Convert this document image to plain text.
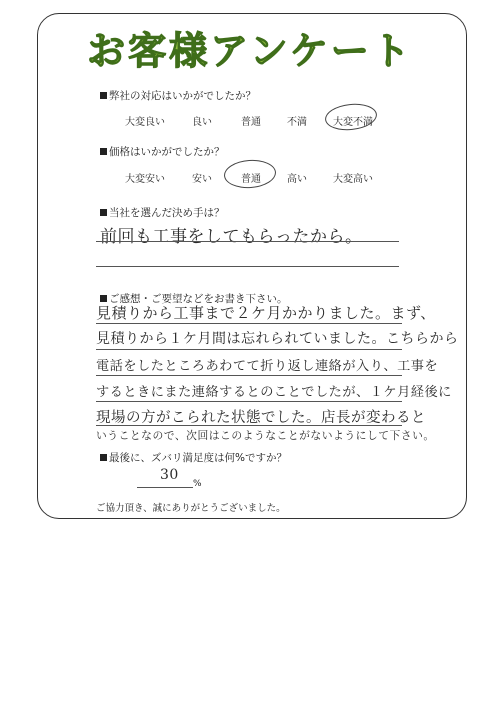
お客様アンケート
弊社の対応はいかがでしたか？
大変良い	良い	普通	不満	大変不満
価格はいかがでしたか？
大変安い	安い	普通	高い	大変高い
当社を選んだ決め手は？
前回も工事をしてもらったから。
ご感想・ご要望などをお書き下さい。
見積りから工事まで２ケ月かかりました。まず、
見積りから１ケ月間は忘れられていました。こちらから
電話をしたところあわてて折り返し連絡が入り、工事を
するときにまた連絡するとのことでしたが、１ケ月経後に
現場の方がこられた状態でした。店長が変わると
いうことなので、次回はこのようなことがないようにして下さい。
最後に、ズバリ満足度は何%ですか？
30
%
ご協力頂き、誠にありがとうございました。
